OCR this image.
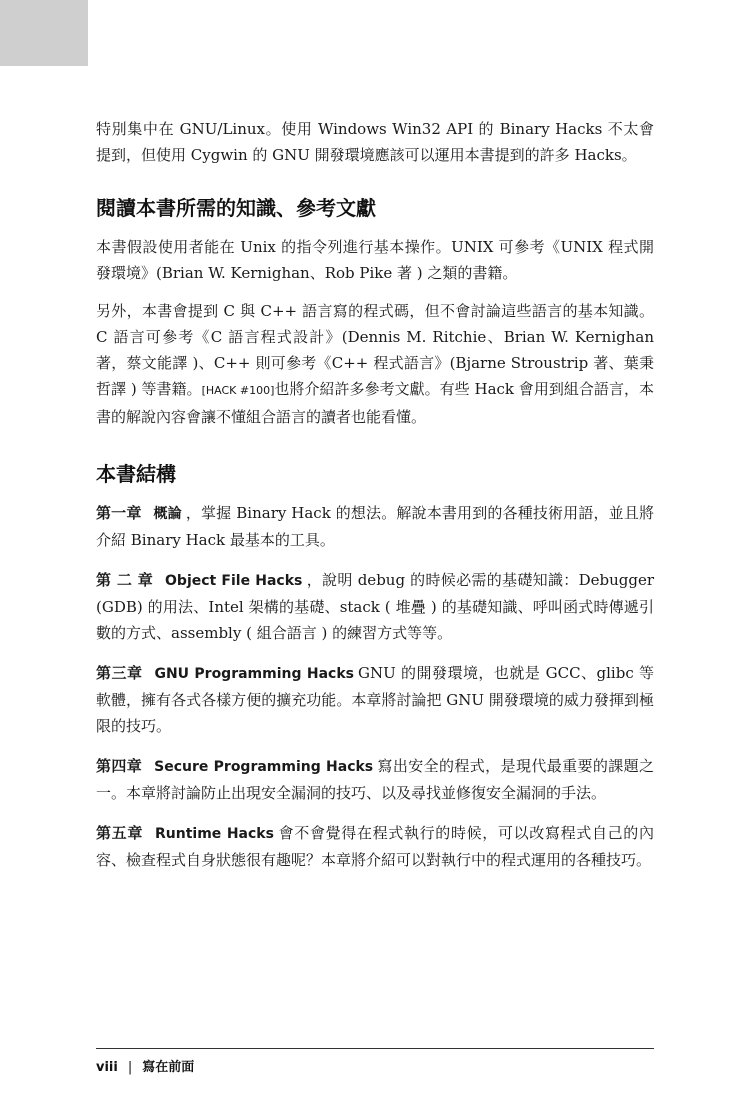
特別集中在 GNU/Linux。使用 Windows Win32 API 的 Binary Hacks 不太會提到，但使用 Cygwin 的 GNU 開發環境應該可以運用本書提到的許多 Hacks。

閱讀本書所需的知識、參考文獻

本書假設使用者能在 Unix 的指令列進行基本操作。UNIX 可參考《UNIX 程式開發環境》(Brian W. Kernighan、Rob Pike 著 ) 之類的書籍。

另外，本書會提到 C 與 C++ 語言寫的程式碼，但不會討論這些語言的基本知識。C 語言可參考《C 語言程式設計》(Dennis M. Ritchie、Brian W. Kernighan 著，蔡文能譯 )、C++ 則可參考《C++ 程式語言》(Bjarne Stroustrip 著、葉秉哲譯 ) 等書籍。[HACK #100]也將介紹許多參考文獻。有些 Hack 會用到組合語言，本書的解說內容會讓不懂組合語言的讀者也能看懂。

本書結構

第一章 概論 ，掌握 Binary Hack 的想法。解說本書用到的各種技術用語，並且將介紹 Binary Hack 最基本的工具。

第 二 章 Object File Hacks ，說明 debug 的時候必需的基礎知識：Debugger (GDB) 的用法、Intel 架構的基礎、stack ( 堆疊 ) 的基礎知識、呼叫函式時傳遞引數的方式、assembly ( 組合語言 ) 的練習方式等等。

第三章 GNU Programming Hacks GNU 的開發環境，也就是 GCC、glibc 等軟體，擁有各式各樣方便的擴充功能。本章將討論把 GNU 開發環境的威力發揮到極限的技巧。

第四章 Secure Programming Hacks 寫出安全的程式，是現代最重要的課題之一。本章將討論防止出現安全漏洞的技巧、以及尋找並修復安全漏洞的手法。

第五章 Runtime Hacks 會不會覺得在程式執行的時候，可以改寫程式自己的內容、檢查程式自身狀態很有趣呢？本章將介紹可以對執行中的程式運用的各種技巧。

viii | 寫在前面
